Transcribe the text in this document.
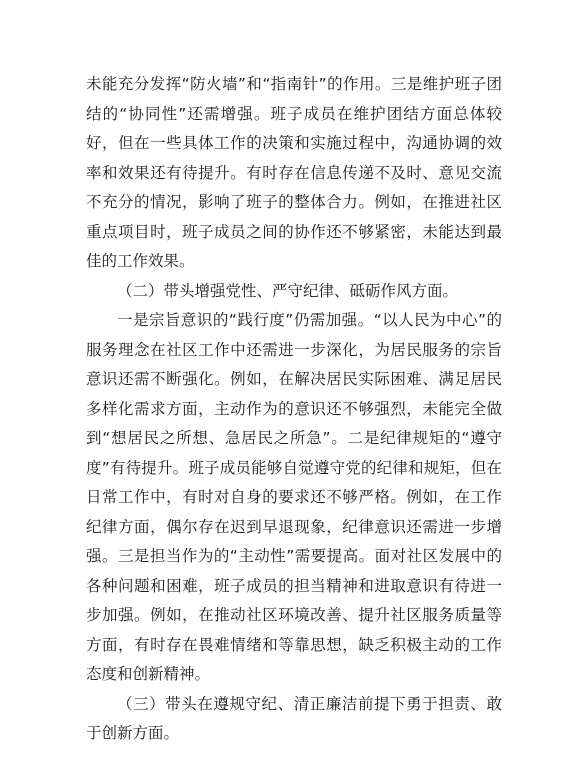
未能充分发挥“防火墙”和“指南针”的作用。三是维护班子团结的“协同性”还需增强。班子成员在维护团结方面总体较好，但在一些具体工作的决策和实施过程中，沟通协调的效率和效果还有待提升。有时存在信息传递不及时、意见交流不充分的情况，影响了班子的整体合力。例如，在推进社区重点项目时，班子成员之间的协作还不够紧密，未能达到最佳的工作效果。

（二）带头增强党性、严守纪律、砥砺作风方面。

一是宗旨意识的“践行度”仍需加强。“以人民为中心”的服务理念在社区工作中还需进一步深化，为居民服务的宗旨意识还需不断强化。例如，在解决居民实际困难、满足居民多样化需求方面，主动作为的意识还不够强烈，未能完全做到“想居民之所想、急居民之所急”。二是纪律规矩的“遵守度”有待提升。班子成员能够自觉遵守党的纪律和规矩，但在日常工作中，有时对自身的要求还不够严格。例如，在工作纪律方面，偶尔存在迟到早退现象，纪律意识还需进一步增强。三是担当作为的“主动性”需要提高。面对社区发展中的各种问题和困难，班子成员的担当精神和进取意识有待进一步加强。例如，在推动社区环境改善、提升社区服务质量等方面，有时存在畏难情绪和等靠思想，缺乏积极主动的工作态度和创新精神。

（三）带头在遵规守纪、清正廉洁前提下勇于担责、敢于创新方面。
